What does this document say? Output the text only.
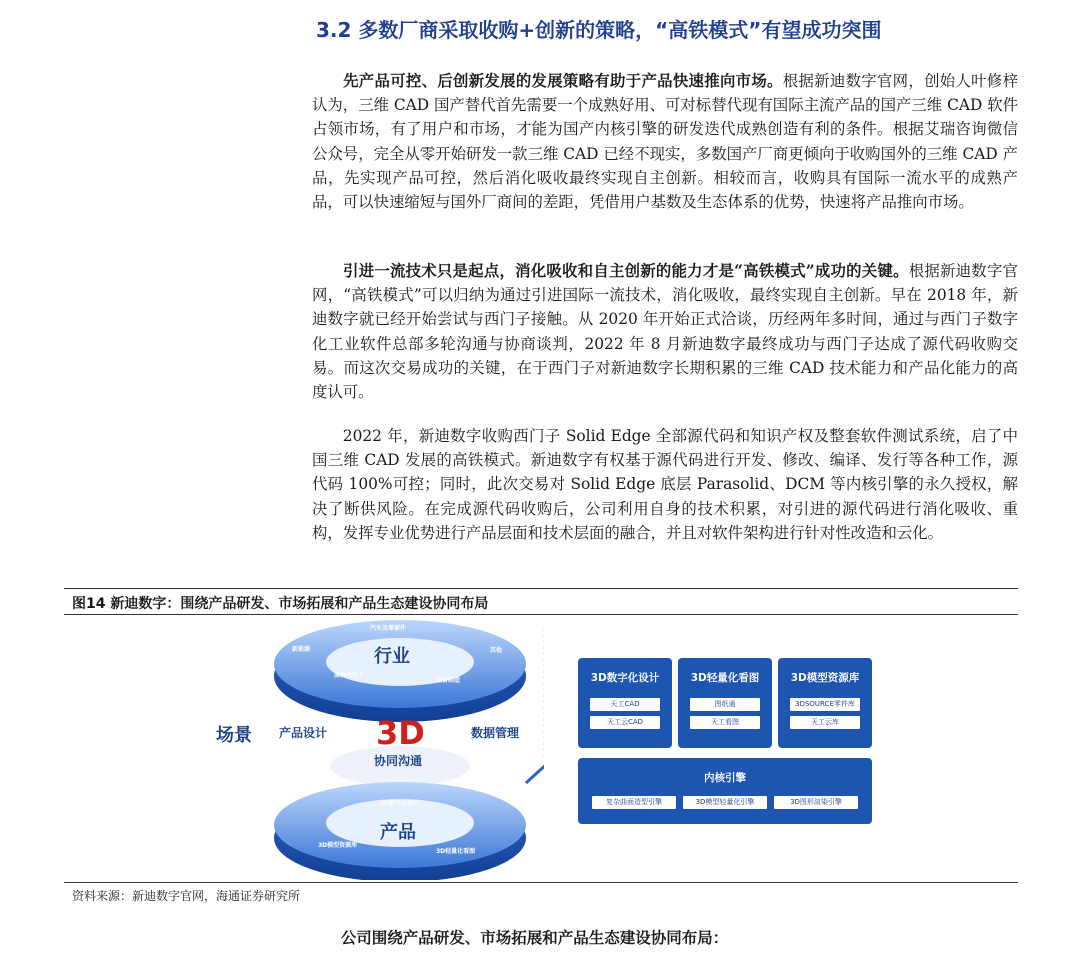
3.2 多数厂商采取收购+创新的策略，“高铁模式”有望成功突围

先产品可控、后创新发展的发展策略有助于产品快速推向市场。根据新迪数字官网，创始人叶修梓认为，三维 CAD 国产替代首先需要一个成熟好用、可对标替代现有国际主流产品的国产三维 CAD 软件占领市场，有了用户和市场，才能为国产内核引擎的研发迭代成熟创造有利的条件。根据艾瑞咨询微信公众号，完全从零开始研发一款三维 CAD 已经不现实，多数国产厂商更倾向于收购国外的三维 CAD 产品，先实现产品可控，然后消化吸收最终实现自主创新。相较而言，收购具有国际一流水平的成熟产品，可以快速缩短与国外厂商间的差距，凭借用户基数及生态体系的优势，快速将产品推向市场。

引进一流技术只是起点，消化吸收和自主创新的能力才是“高铁模式”成功的关键。根据新迪数字官网，“高铁模式”可以归纳为通过引进国际一流技术，消化吸收，最终实现自主创新。早在 2018 年，新迪数字就已经开始尝试与西门子接触。从 2020 年开始正式洽谈，历经两年多时间，通过与西门子数字化工业软件总部多轮沟通与协商谈判，2022 年 8 月新迪数字最终成功与西门子达成了源代码收购交易。而这次交易成功的关键，在于西门子对新迪数字长期积累的三维 CAD 技术能力和产品化能力的高度认可。

2022 年，新迪数字收购西门子 Solid Edge 全部源代码和知识产权及整套软件测试系统，启了中国三维 CAD 发展的高铁模式。新迪数字有权基于源代码进行开发、修改、编译、发行等各种工作，源代码 100%可控；同时，此次交易对 Solid Edge 底层 Parasolid、DCM 等内核引擎的永久授权，解决了断供风险。在完成源代码收购后，公司利用自身的技术积累，对引进的源代码进行消化吸收、重构，发挥专业优势进行产品层面和技术层面的融合，并且对软件架构进行针对性改造和云化。

图14 新迪数字：围绕产品研发、市场拓展和产品生态建设协同布局
行业
汽车及零部件
新能源	其他
高科技电子
装备制造
场景 产品设计 3D
协同沟通
数据管理
产品
3D数字化设计
3D模型资源库
3D轻量化看图
3D数字化设计
天工CAD
天工云CAD
3D轻量化看图
图纸通
天工看图
3D模型资源库
3DSOURCE零件库
天工云库
内核引擎
复杂曲面造型引擎	3D模型轻量化引擎	3D图形渲染引擎
资料来源：新迪数字官网，海通证券研究所
公司围绕产品研发、市场拓展和产品生态建设协同布局：
